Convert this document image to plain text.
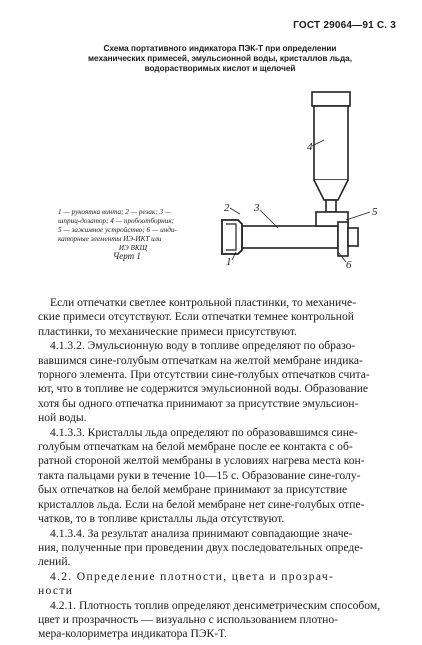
ГОСТ 29064—91 С. 3
Схема портативного индикатора ПЭК-Т при определении
механических примесей, эмульсионной воды, кристаллов льда,
водорастворимых кислот и щелочей
4
2 3	5
1	6
1 — рукоятка винта; 2 — резак; 3 —
шприц-дозатор; 4 — пробоотборник;
5 — зажимное устройство; 6 — инди-
каторные элементы ИЭ-ИКТ или
ИЭ ВКЩ
Черт 1
Если отпечатки светлее контрольной пластинки, то механиче-
ские примеси отсутствуют. Если отпечатки темнее контрольной
пластинки, то механические примеси присутствуют.
4.1.3.2. Эмульсионную воду в топливе определяют по образо-
вавшимся сине-голубым отпечаткам на желтой мембране индика-
торного элемента. При отсутствии сине-голубых отпечатков счита-
ют, что в топливе не содержится эмульсионной воды. Образование
хотя бы одного отпечатка принимают за присутствие эмульсион-
ной воды.
4.1.3.3. Кристаллы льда определяют по образовавшимся сине-
голубым отпечаткам на белой мембране после ее контакта с об-
ратной стороной желтой мембраны в условиях нагрева места кон-
такта пальцами руки в течение 10—15 с. Образование сине-голу-
бых отпечатков на белой мембране принимают за присутствие
кристаллов льда. Если на белой мембране нет сине-голубых отпе-
чатков, то в топливе кристаллы льда отсутствуют.
4.1.3.4. За результат анализа принимают совпадающие значе-
ния, полученные при проведении двух последовательных опреде-
лений.
4.2. Определение плотности, цвета и прозрач-
ности
4.2.1. Плотность топлив определяют денсиметрическим способом, цвет и прозрачность — визуально с использованием плотно-
мера-колориметра индикатора ПЭК-Т.
